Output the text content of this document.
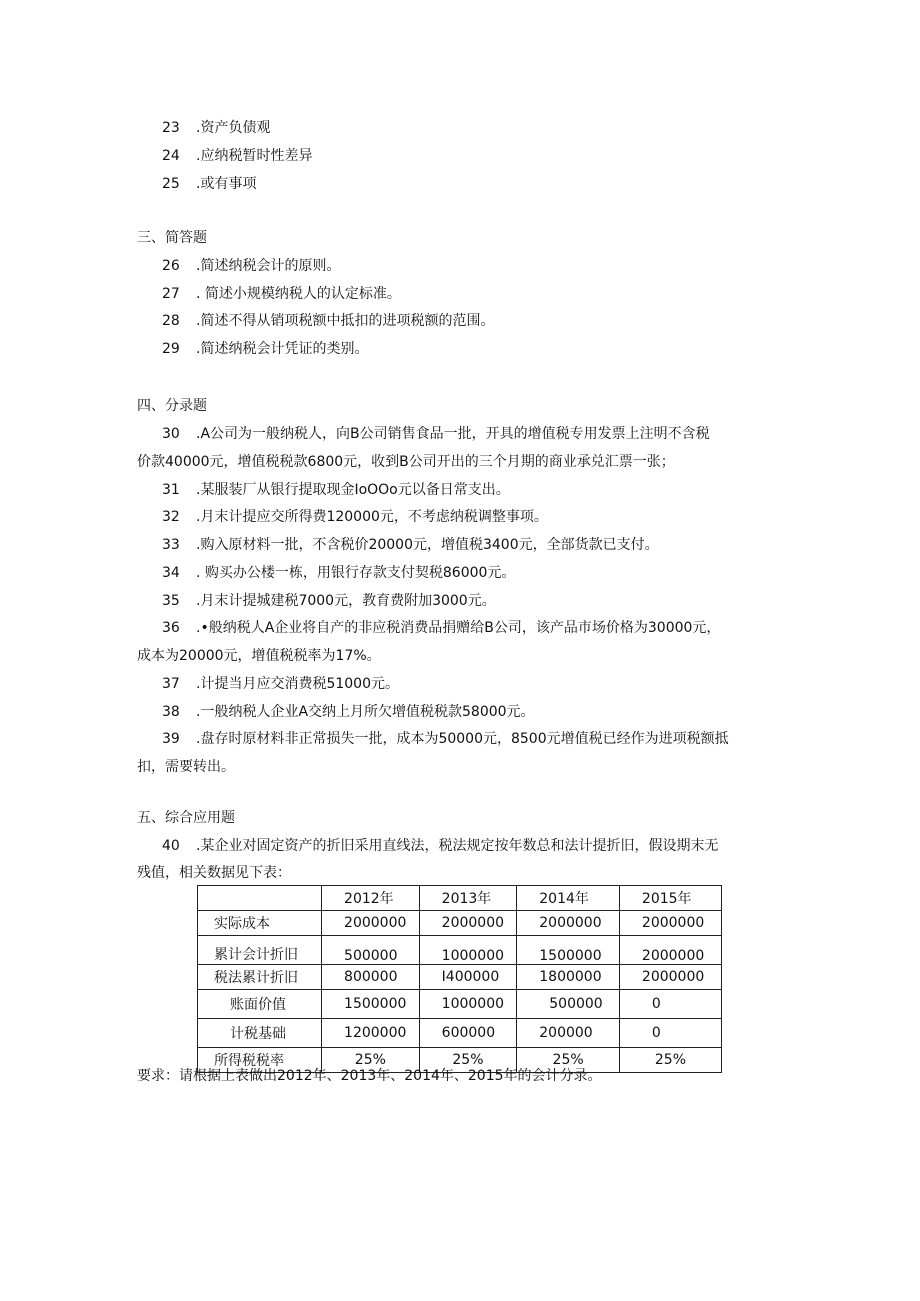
23 .资产负债观
24 .应纳税暂时性差异
25 .或有事项
三、简答题
26 .简述纳税会计的原则。
27 . 简述小规模纳税人的认定标准。
28 .简述不得从销项税额中抵扣的进项税额的范围。
29 .简述纳税会计凭证的类别。
四、分录题
30 .A公司为一般纳税人，向B公司销售食品一批，开具的增值税专用发票上注明不含税
价款40000元，增值税税款6800元，收到B公司开出的三个月期的商业承兑汇票一张；
31 .某服装厂从银行提取现金IoOOo元以备日常支出。
32 .月末计提应交所得费120000元，不考虑纳税调整事项。
33 .购入原材料一批，不含税价20000元，增值税3400元，全部货款已支付。
34 . 购买办公楼一栋，用银行存款支付契税86000元。
35 .月末计提城建税7000元，教育费附加3000元。
36 .•般纳税人A企业将自产的非应税消费品捐赠给B公司，该产品市场价格为30000元，
成本为20000元，增值税税率为17%。
37 .计提当月应交消费税51000元。
38 .一般纳税人企业A交纳上月所欠增值税税款58000元。
39 .盘存时原材料非正常损失一批，成本为50000元，8500元增值税已经作为进项税额抵
扣，需要转出。
五、综合应用题
40 .某企业对固定资产的折旧采用直线法，税法规定按年数总和法计提折旧，假设期末无
残值，相关数据见下表：
	2012年	2013年	2014年	2015年
实际成本	2000000	2000000	2000000	2000000
累计会计折旧	500000	1000000	1500000	2000000
税法累计折旧	800000	I400000	1800000	2000000
账面价值	1500000	1000000	500000	0
计税基础	1200000	600000	200000	0
所得税税率	25%	25%	25%	25%
要求：请根据上表做出2012年、2013年、2014年、2015年的会计分录。
